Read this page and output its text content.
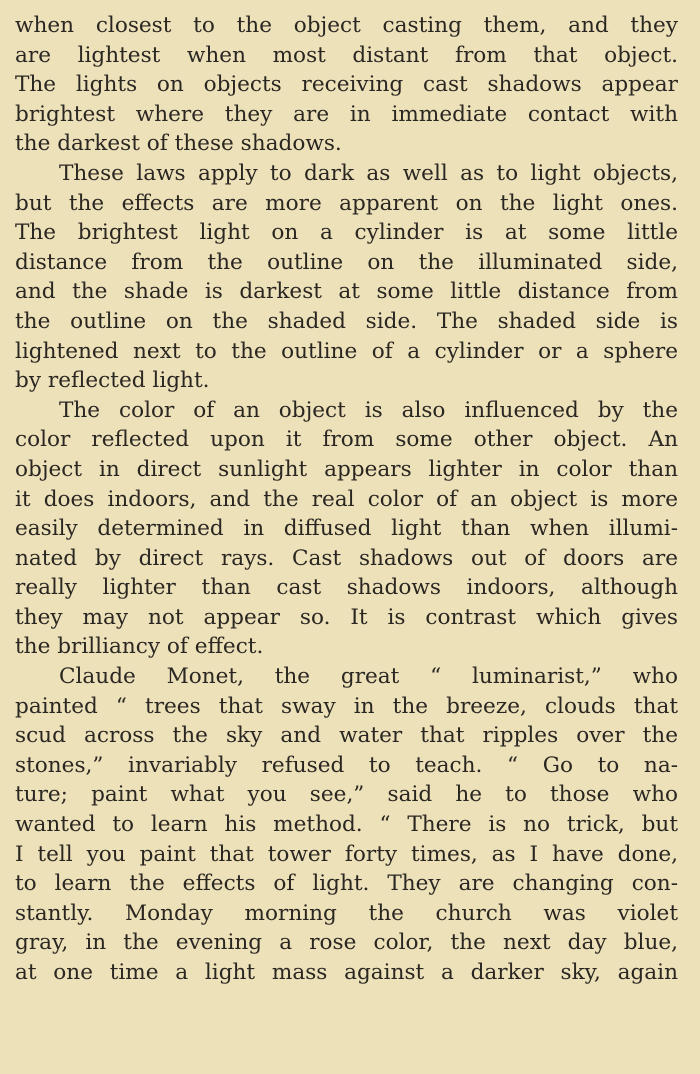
when closest to the object casting them, and they
are lightest when most distant from that object.
The lights on objects receiving cast shadows appear
brightest where they are in immediate contact with
the darkest of these shadows.
These laws apply to dark as well as to light objects,
but the effects are more apparent on the light ones.
The brightest light on a cylinder is at some little
distance from the outline on the illuminated side,
and the shade is darkest at some little distance from
the outline on the shaded side. The shaded side is
lightened next to the outline of a cylinder or a sphere
by reflected light.
The color of an object is also influenced by the
color reflected upon it from some other object. An
object in direct sunlight appears lighter in color than
it does indoors, and the real color of an object is more
easily determined in diffused light than when illumi-
nated by direct rays. Cast shadows out of doors are
really lighter than cast shadows indoors, although
they may not appear so. It is contrast which gives
the brilliancy of effect.
Claude Monet, the great “ luminarist,” who
painted “ trees that sway in the breeze, clouds that
scud across the sky and water that ripples over the
stones,” invariably refused to teach. “ Go to na-
ture; paint what you see,” said he to those who
wanted to learn his method. “ There is no trick, but
I tell you paint that tower forty times, as I have done,
to learn the effects of light. They are changing con-
stantly. Monday morning the church was violet
gray, in the evening a rose color, the next day blue,
at one time a light mass against a darker sky, again
